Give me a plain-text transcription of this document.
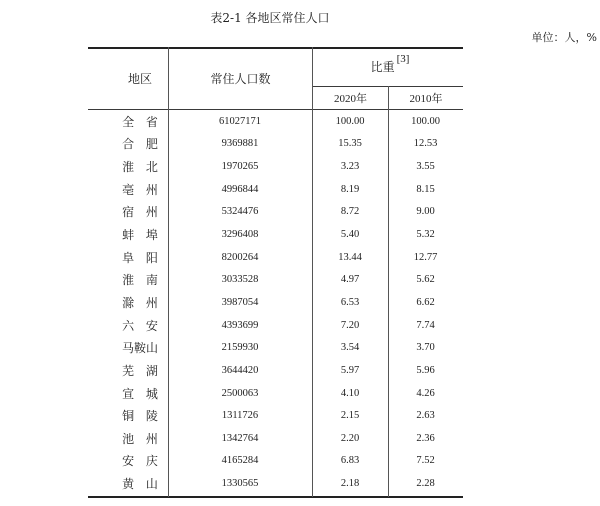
表2-1 各地区常住人口
单位：人，%
地区	常住人口数
比重
[3]
2020年	2010年
全 省	61027171	100.00	100.00
合 肥	9369881	15.35	12.53
淮 北	1970265	3.23	3.55
亳 州	4996844	8.19	8.15
宿 州	5324476	8.72	9.00
蚌 埠	3296408	5.40	5.32
阜 阳	8200264	13.44	12.77
淮 南	3033528	4.97	5.62
滁 州	3987054	6.53	6.62
六 安	4393699	7.20	7.74
马鞍山	2159930	3.54	3.70
芜 湖	3644420	5.97	5.96
宣 城	2500063	4.10	4.26
铜 陵	1311726	2.15	2.63
池 州	1342764	2.20	2.36
安 庆	4165284	6.83	7.52
黄 山	1330565	2.18	2.28
